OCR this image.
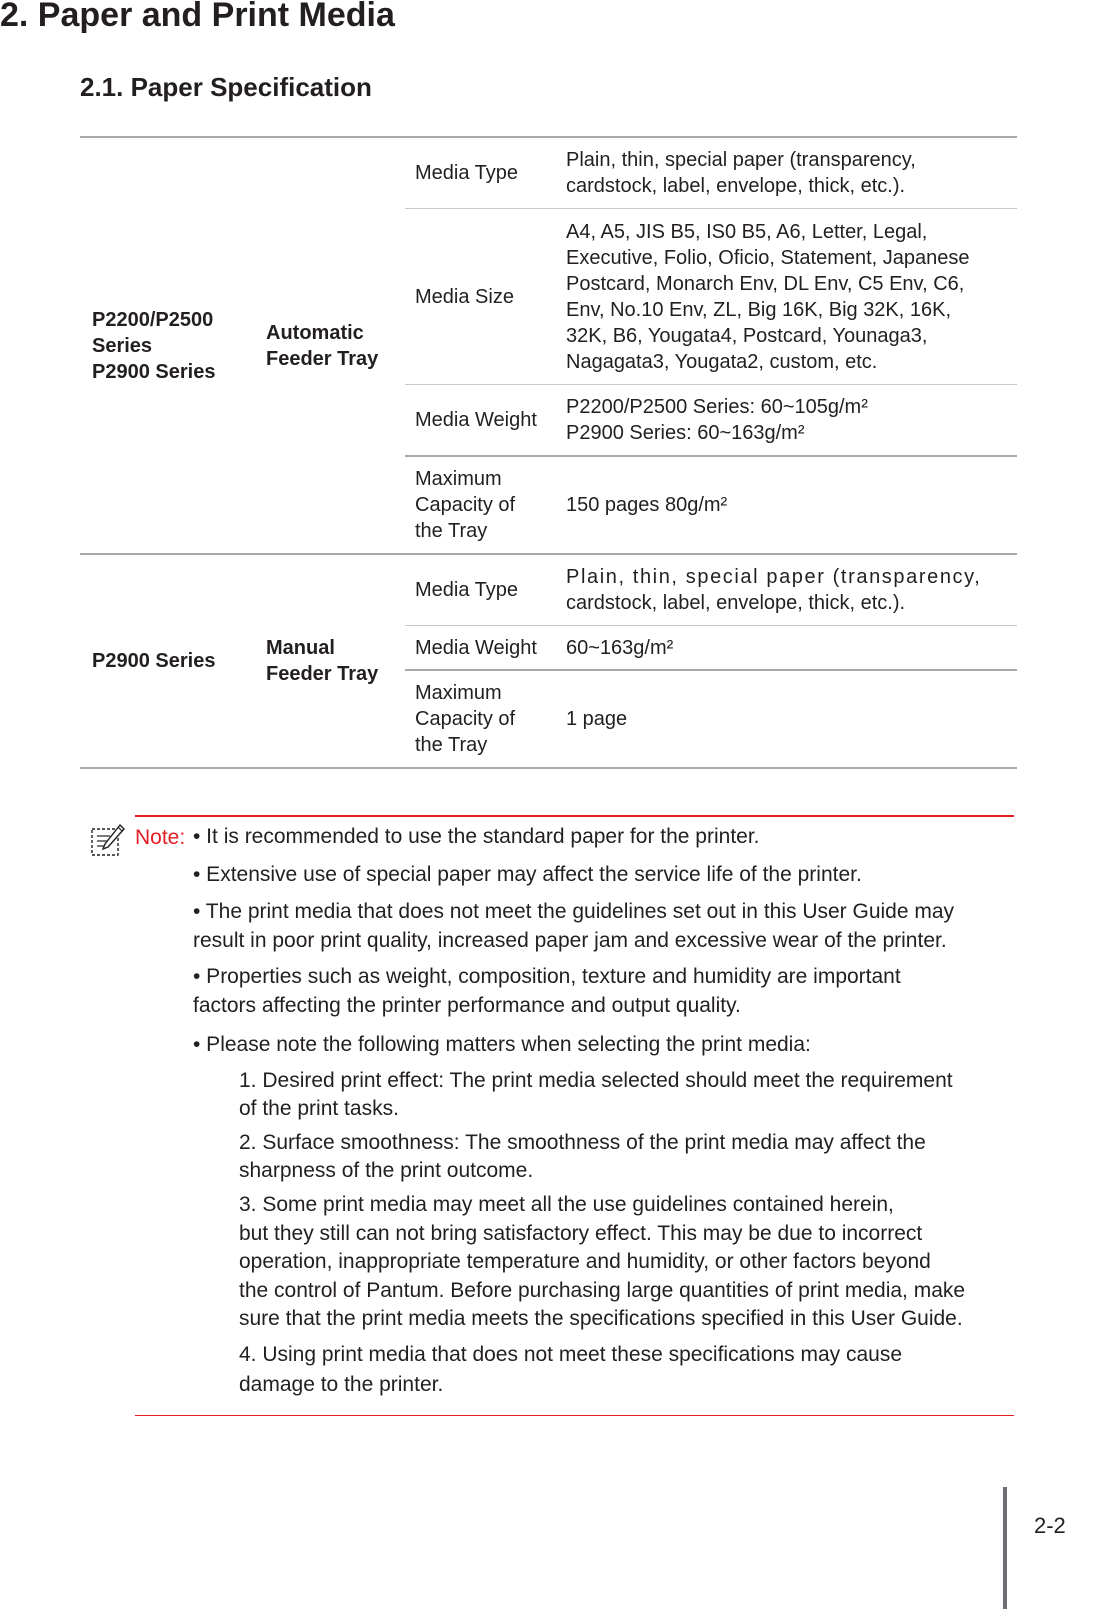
2. Paper and Print Media
2.1. Paper Specification
P2200/P2500
Series
P2900 Series
Automatic
Feeder Tray
Media Type
Plain, thin, special paper (transparency,
cardstock, label, envelope, thick, etc.).
Media Size
A4, A5, JIS B5, IS0 B5, A6, Letter, Legal,
Executive, Folio, Oficio, Statement, Japanese
Postcard, Monarch Env, DL Env, C5 Env, C6,
Env, No.10 Env, ZL, Big 16K, Big 32K, 16K,
32K, B6, Yougata4, Postcard, Younaga3,
Nagagata3, Yougata2, custom, etc.
Media Weight
P2200/P2500 Series: 60~105g/m²
P2900 Series: 60~163g/m²
Maximum
Capacity of
the Tray
150 pages 80g/m²
P2900 Series
Manual
Feeder Tray
Media Type
Plain, thin, special paper (transparency,
cardstock, label, envelope, thick, etc.).
Media Weight	60~163g/m²
Maximum
Capacity of
the Tray
1 page
Note: • It is recommended to use the standard paper for the printer.
• Extensive use of special paper may affect the service life of the printer.
• The print media that does not meet the guidelines set out in this User Guide may
result in poor print quality, increased paper jam and excessive wear of the printer.
• Properties such as weight, composition, texture and humidity are important
factors affecting the printer performance and output quality.
• Please note the following matters when selecting the print media:
1. Desired print effect: The print media selected should meet the requirement
of the print tasks.
2. Surface smoothness: The smoothness of the print media may affect the
sharpness of the print outcome.
3. Some print media may meet all the use guidelines contained herein,
but they still can not bring satisfactory effect. This may be due to incorrect
operation, inappropriate temperature and humidity, or other factors beyond
the control of Pantum. Before purchasing large quantities of print media, make
sure that the print media meets the specifications specified in this User Guide.
4. Using print media that does not meet these specifications may cause
damage to the printer.
2-2
